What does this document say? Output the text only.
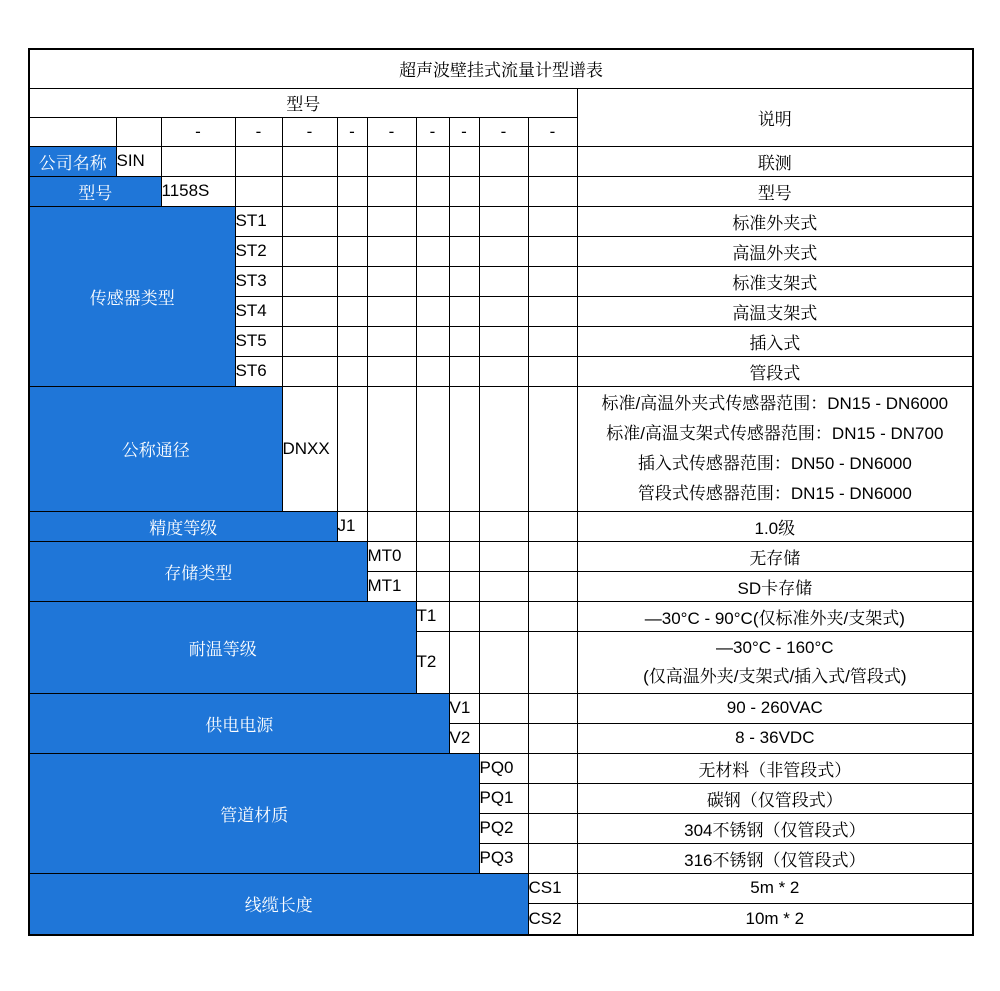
超声波壁挂式流量计型谱表											
型号											说明
		-	-	-	-	-	-	-	-	-	
公司名称	SIN										联测
型号		1158S									型号
传感器类型			ST1								标准外夹式
			ST2								高温外夹式
			ST3								标准支架式
			ST4								高温支架式
			ST5								插入式
			ST6								管段式
公称通径				DNXX							标准/高温外夹式传感器范围：DN15 - DN6000
标准/高温支架式传感器范围：DN15 - DN700
插入式传感器范围：DN50 - DN6000
管段式传感器范围：DN15 - DN6000

精度等级					J1						1.0级
存储类型						MT0					无存储
						MT1					SD卡存储
耐温等级							T1				—30°C - 90°C(仅标准外夹/支架式)
							T2				—30°C - 160°C
(仅高温外夹/支架式/插入式/管段式)

供电电源								V1			90 - 260VAC
								V2			8 - 36VDC
管道材质									PQ0		无材料（非管段式）
									PQ1		碳钢（仅管段式）
									PQ2		304不锈钢（仅管段式）
									PQ3		316不锈钢（仅管段式）
线缆长度										CS1	5m * 2
										CS2	10m * 2
